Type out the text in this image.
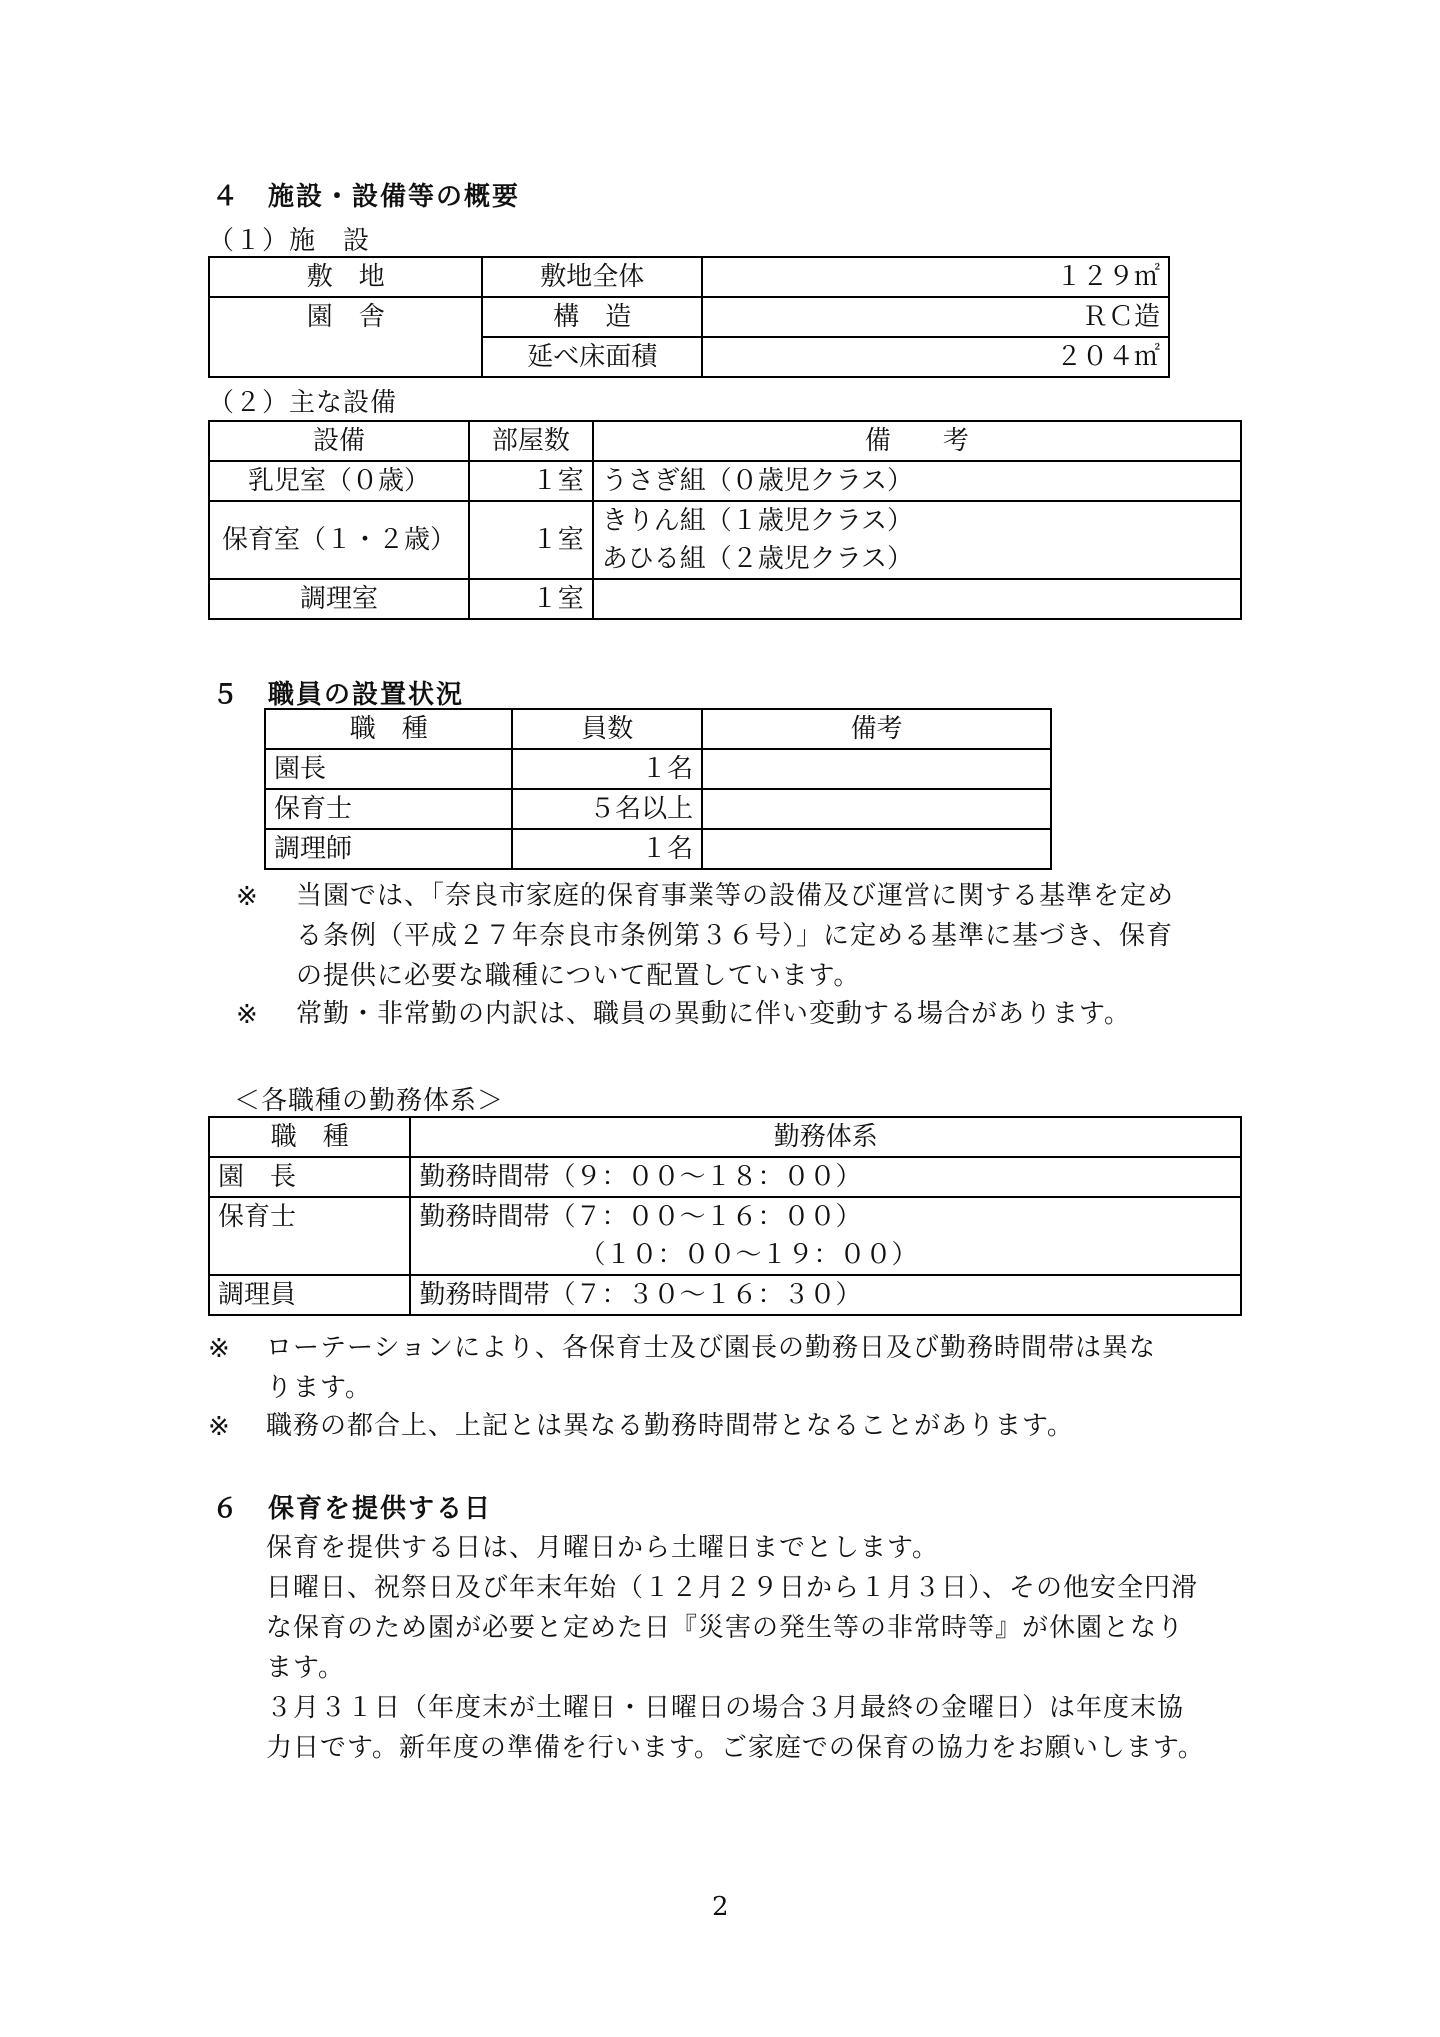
４　施設・設備等の概要
（１）施　設
敷　地	敷地全体	１２９㎡
園　舎	構　造	ＲＣ造
	延べ床面積	２０４㎡
（２）主な設備
設備	部屋数	備　　考
乳児室（０歳）	１室	うさぎ組（０歳児クラス）
保育室（１・２歳）	１室	きりん組（１歳児クラス）
あひる組（２歳児クラス）

調理室	１室	
５　職員の設置状況
職　種	員数	備考
園長	１名	
保育士	５名以上	
調理師	１名	
※ 当園では、「奈良市家庭的保育事業等の設備及び運営に関する基準を定め
る条例（平成２７年奈良市条例第３６号）」に定める基準に基づき、保育
の提供に必要な職種について配置しています。
※ 常勤・非常勤の内訳は、職員の異動に伴い変動する場合があります。
＜各職種の勤務体系＞
職　種	勤務体系
園　長	勤務時間帯（９：００～１８：００）
保育士	勤務時間帯（７：００～１６：００）
（１０：００～１９：００）

調理員	勤務時間帯（７：３０～１６：３０）
※ ローテーションにより、各保育士及び園長の勤務日及び勤務時間帯は異な
ります。
※ 職務の都合上、上記とは異なる勤務時間帯となることがあります。
６　保育を提供する日
保育を提供する日は、月曜日から土曜日までとします。
日曜日、祝祭日及び年末年始（１２月２９日から１月３日）、その他安全円滑
な保育のため園が必要と定めた日『災害の発生等の非常時等』が休園となり
ます。
３月３１日（年度末が土曜日・日曜日の場合３月最終の金曜日）は年度末協
力日です。新年度の準備を行います。ご家庭での保育の協力をお願いします。
2
